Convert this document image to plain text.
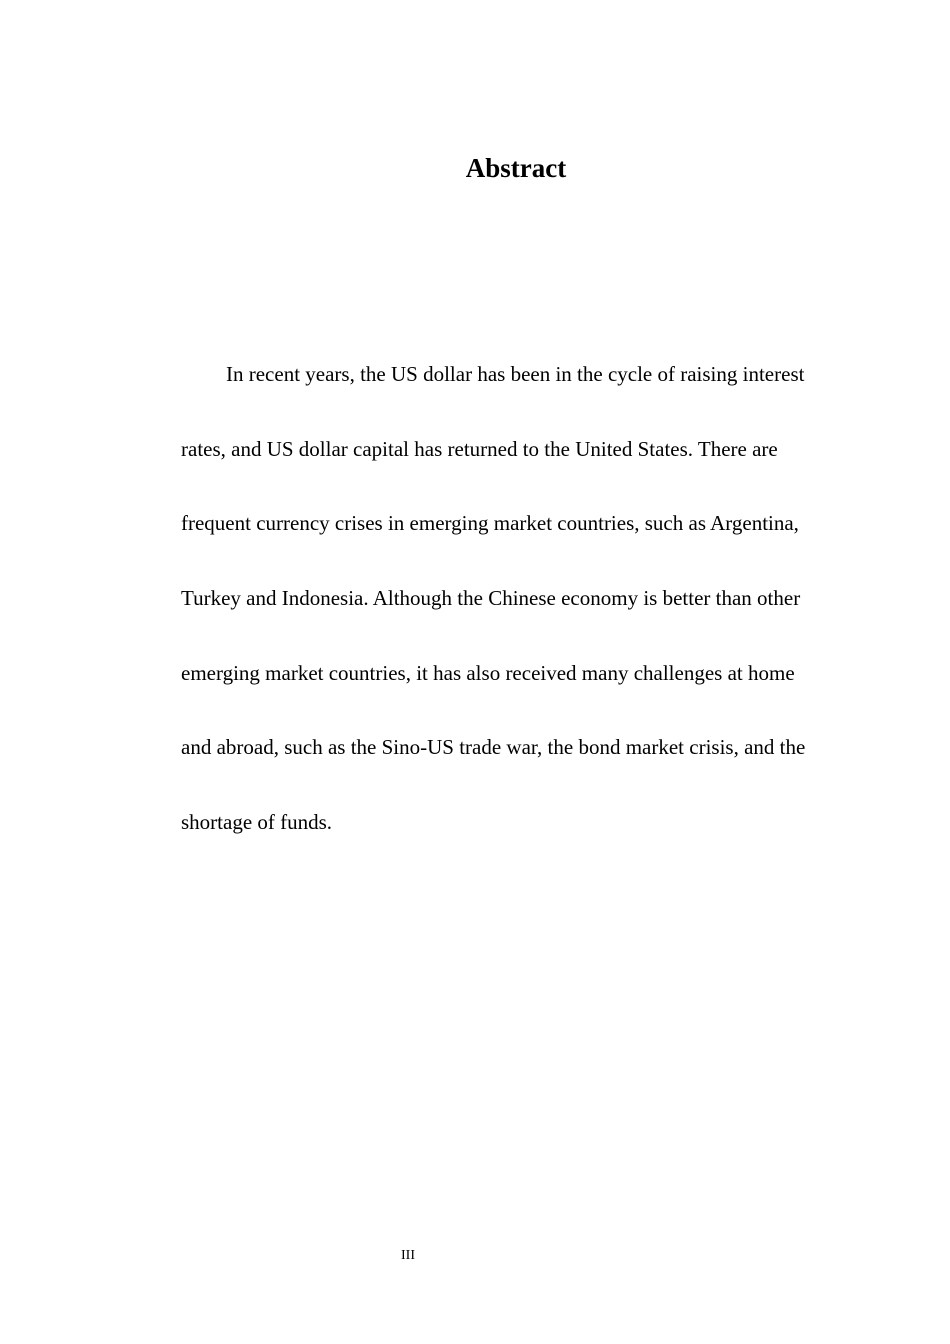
Abstract
In recent years, the US dollar has been in the cycle of raising interest
rates, and US dollar capital has returned to the United States. There are
frequent currency crises in emerging market countries, such as Argentina,
Turkey and Indonesia. Although the Chinese economy is better than other
emerging market countries, it has also received many challenges at home
and abroad, such as the Sino-US trade war, the bond market crisis, and the
shortage of funds.
III
